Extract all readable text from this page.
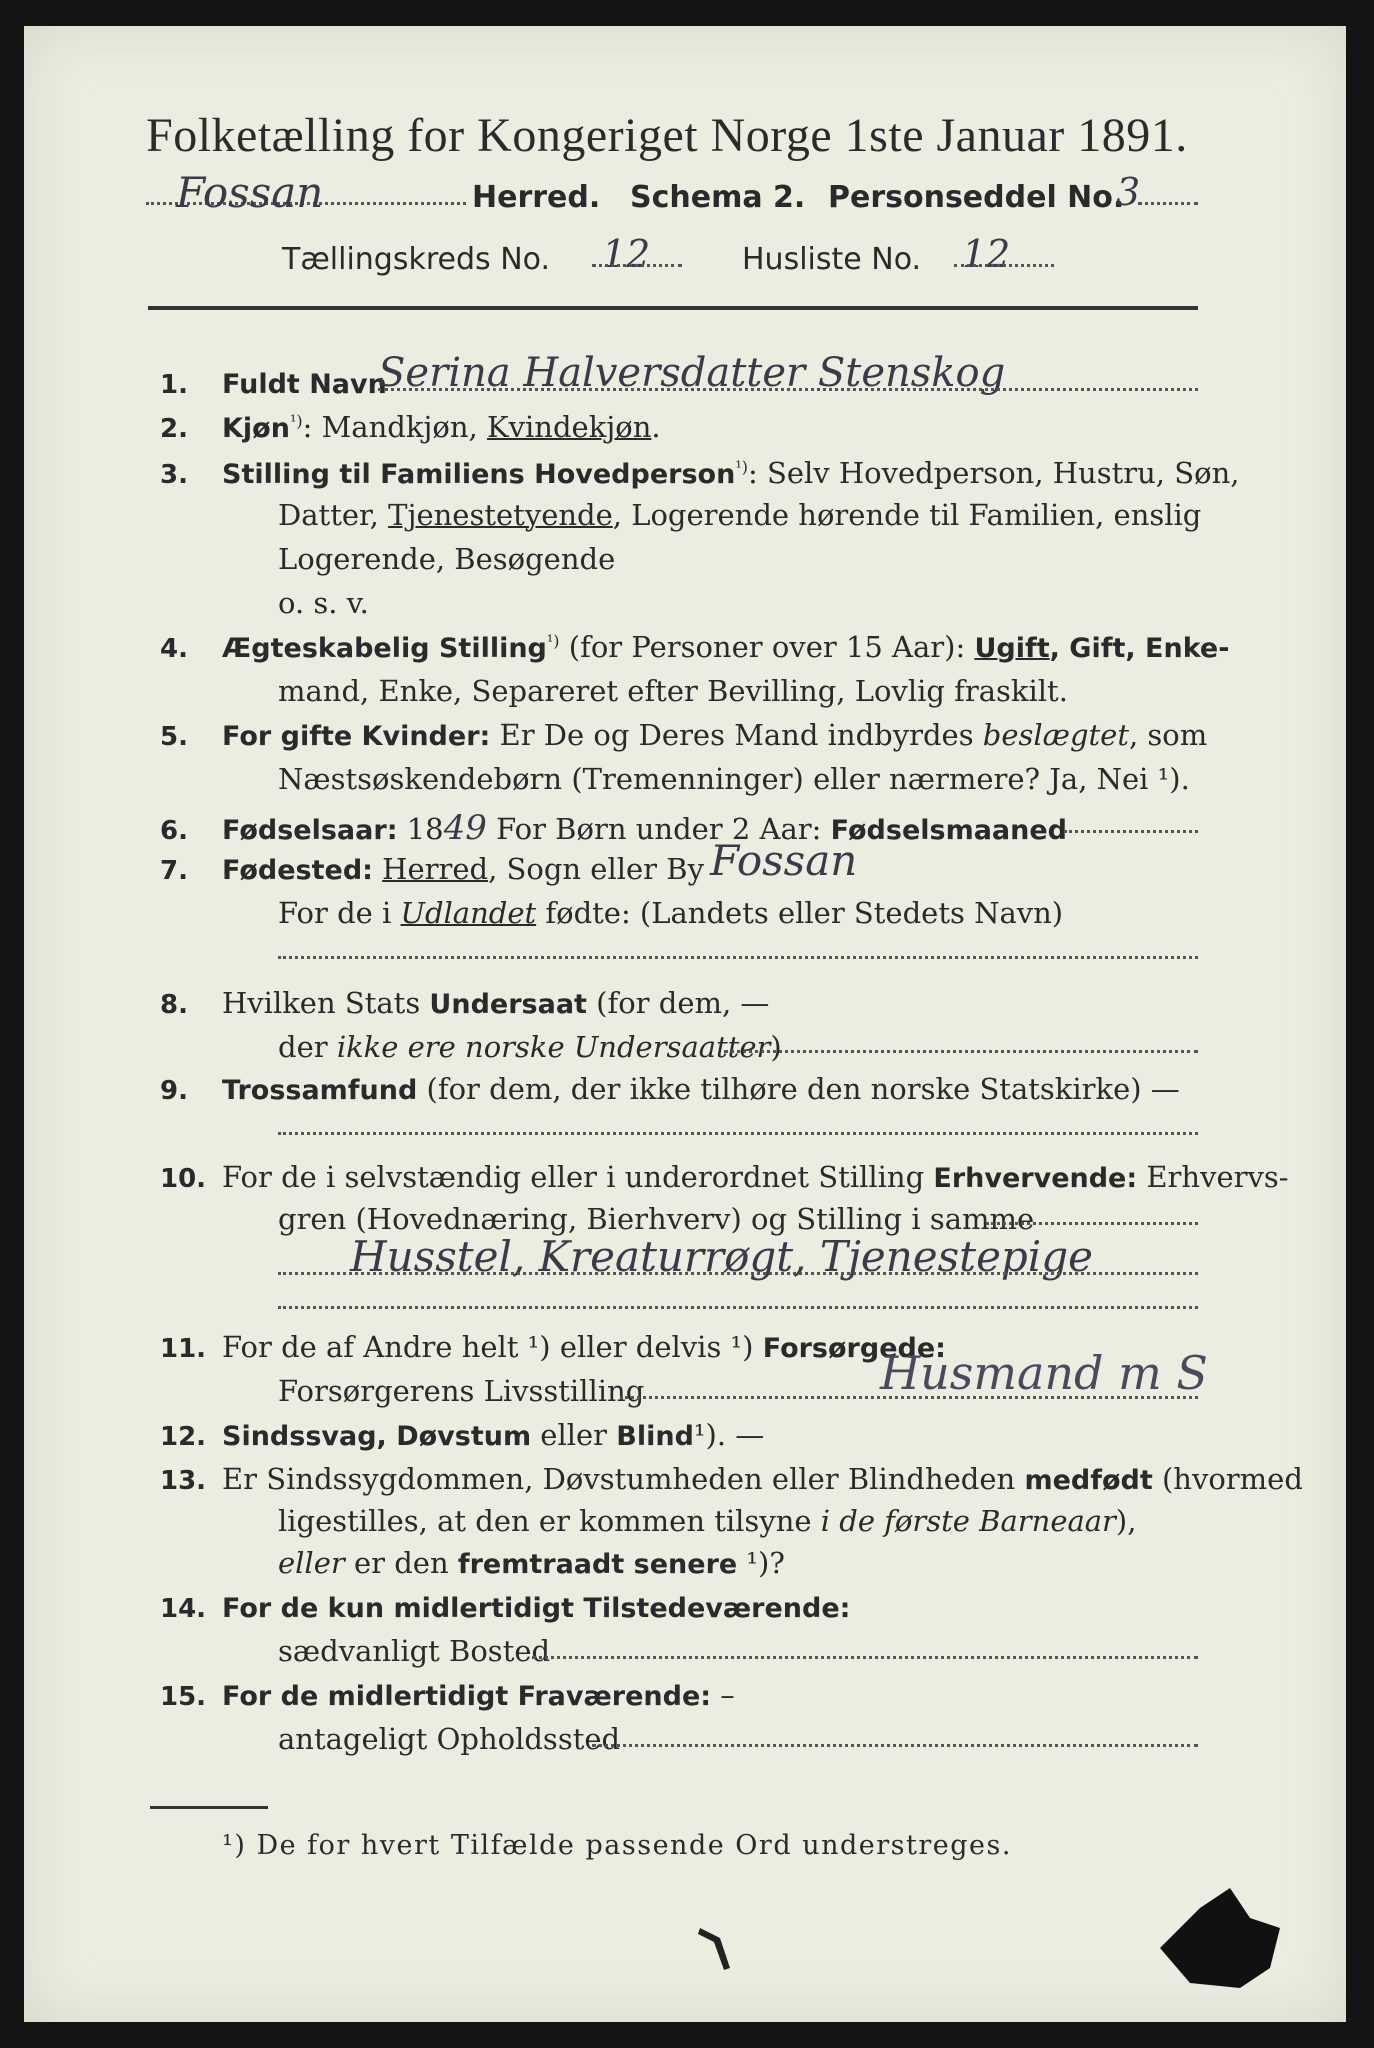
Folketælling for Kongeriget Norge 1ste Januar 1891.
Fossan	Herred. Schema 2. Personseddel No.
3
Tællingskreds No. 12	Husliste No. 12
1. Fuldt Navn
Serina Halversdatter Stenskog
2. Kjøn$^{^1)}$: Mandkjøn, Kvindekjøn.
3. Stilling til Familiens Hovedperson$^{^1)}$: Selv Hovedperson, Hustru, Søn,
Datter, Tjenestetyende, Logerende hørende til Familien, enslig
Logerende, Besøgende
o. s. v.
4. Ægteskabelig Stilling$^{^1)}$ (for Personer over 15 Aar): Ugift, Gift, Enke-
mand, Enke, Separeret efter Bevilling, Lovlig fraskilt.
5. For gifte Kvinder: Er De og Deres Mand indbyrdes beslægtet, som
Næstsøskendebørn (Tremenninger) eller nærmere? Ja, Nei ¹).
6. Fødselsaar: 1849 For Børn under 2 Aar: Fødselsmaaned
7. Fødested: Herred, Sogn eller By Fossan
For de i Udlandet fødte: (Landets eller Stedets Navn)
8. Hvilken Stats Undersaat (for dem, —
der ikke ere norske Undersaatter)
9. Trossamfund (for dem, der ikke tilhøre den norske Statskirke) —
10. For de i selvstændig eller i underordnet Stilling Erhvervende: Erhvervs-
gren (Hovednæring, Bierhverv) og Stilling i samme
Husstel, Kreaturrøgt, Tjenestepige
11. For de af Andre helt ¹) eller delvis ¹) Forsørgede:
Forsørgerens Livsstilling	Husmand m S
12. Sindssvag, Døvstum eller Blind¹). —
13. Er Sindssygdommen, Døvstumheden eller Blindheden medfødt (hvormed
ligestilles, at den er kommen tilsyne i de første Barneaar),
eller er den fremtraadt senere ¹)?
14. For de kun midlertidigt Tilstedeværende:
sædvanligt Bosted
15. For de midlertidigt Fraværende: –
antageligt Opholdssted
¹) De for hvert Tilfælde passende Ord understreges.
